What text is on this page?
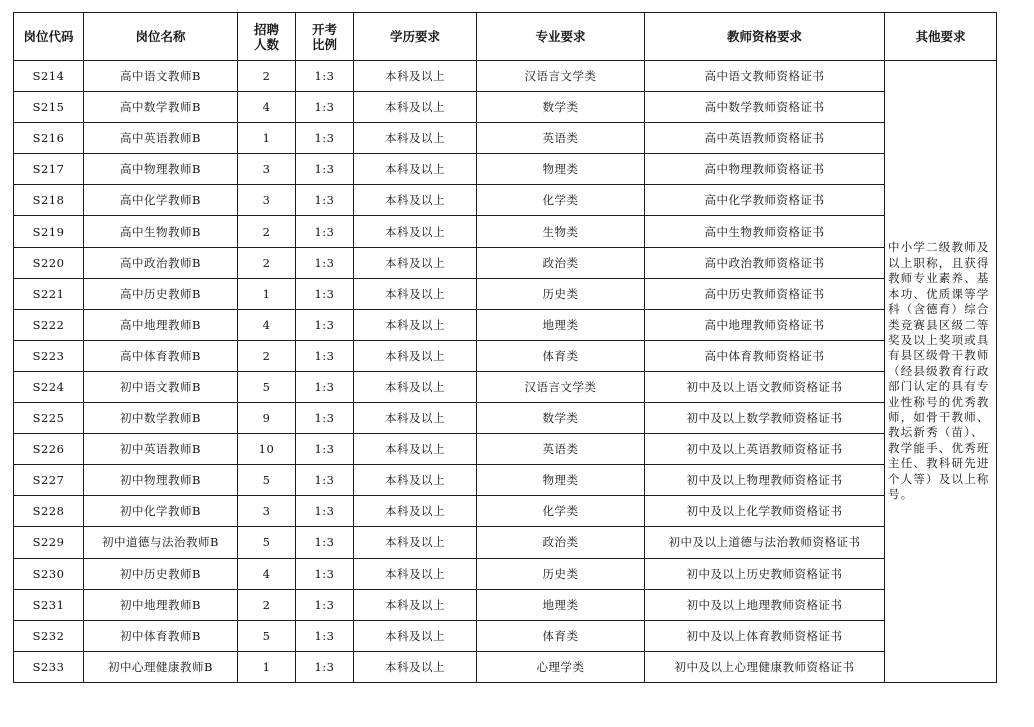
岗位代码	岗位名称	招聘人数	开考比例	学历要求	专业要求	教师资格要求	其他要求
S214	高中语文教师B	2	1:3	本科及以上	汉语言文学类	高中语文教师资格证书	中小学二级教师及以上职称，且获得教师专业素养、基本功、优质课等学科（含德育）综合类竞赛县区级二等奖及以上奖项或具有县区级骨干教师（经县级教育行政部门认定的具有专业性称号的优秀教师，如骨干教师、教坛新秀（苗）、教学能手、优秀班主任、教科研先进个人等）及以上称号。
S215	高中数学教师B	4	1:3	本科及以上	数学类	高中数学教师资格证书	
S216	高中英语教师B	1	1:3	本科及以上	英语类	高中英语教师资格证书	
S217	高中物理教师B	3	1:3	本科及以上	物理类	高中物理教师资格证书	
S218	高中化学教师B	3	1:3	本科及以上	化学类	高中化学教师资格证书	
S219	高中生物教师B	2	1:3	本科及以上	生物类	高中生物教师资格证书	
S220	高中政治教师B	2	1:3	本科及以上	政治类	高中政治教师资格证书	
S221	高中历史教师B	1	1:3	本科及以上	历史类	高中历史教师资格证书	
S222	高中地理教师B	4	1:3	本科及以上	地理类	高中地理教师资格证书	
S223	高中体育教师B	2	1:3	本科及以上	体育类	高中体育教师资格证书	
S224	初中语文教师B	5	1:3	本科及以上	汉语言文学类	初中及以上语文教师资格证书	
S225	初中数学教师B	9	1:3	本科及以上	数学类	初中及以上数学教师资格证书	
S226	初中英语教师B	10	1:3	本科及以上	英语类	初中及以上英语教师资格证书	
S227	初中物理教师B	5	1:3	本科及以上	物理类	初中及以上物理教师资格证书	
S228	初中化学教师B	3	1:3	本科及以上	化学类	初中及以上化学教师资格证书	
S229	初中道德与法治教师B	5	1:3	本科及以上	政治类	初中及以上道德与法治教师资格证书	
S230	初中历史教师B	4	1:3	本科及以上	历史类	初中及以上历史教师资格证书	
S231	初中地理教师B	2	1:3	本科及以上	地理类	初中及以上地理教师资格证书	
S232	初中体育教师B	5	1:3	本科及以上	体育类	初中及以上体育教师资格证书	
S233	初中心理健康教师B	1	1:3	本科及以上	心理学类	初中及以上心理健康教师资格证书	
